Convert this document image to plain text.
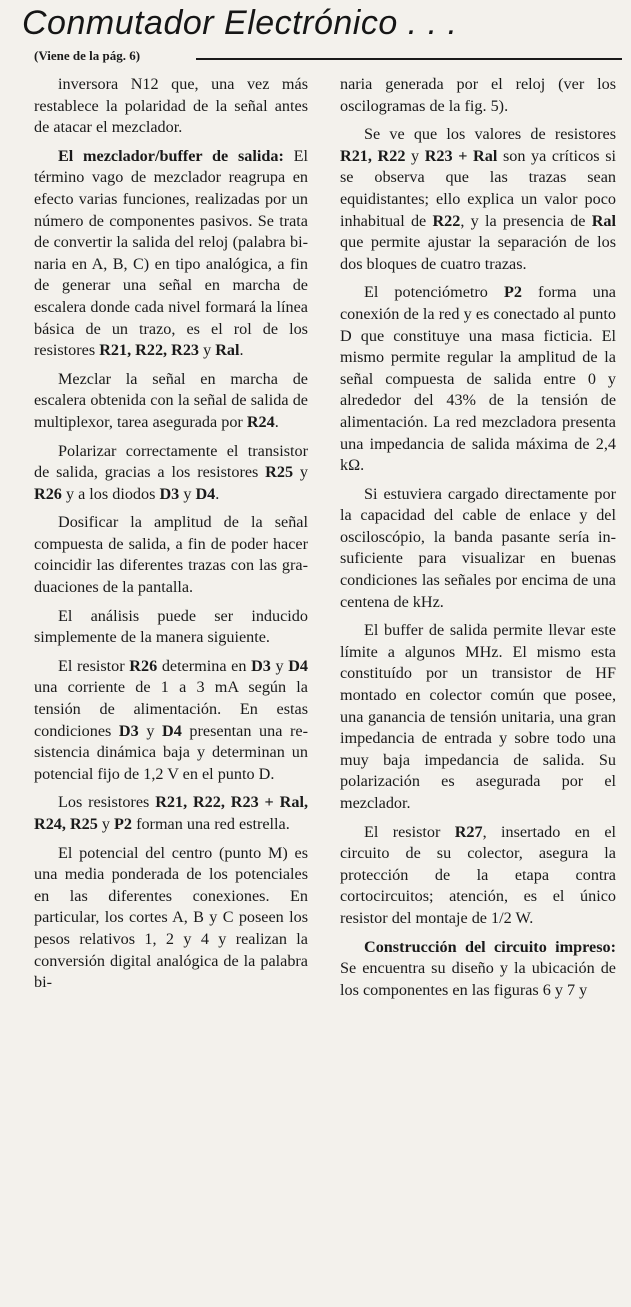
Conmutador Electrónico . . .
(Viene de la pág. 6)

inversora N12 que, una vez más restablece la polaridad de la señal antes de atacar el mezclador.

El mezclador/buffer de salida: El término vago de mezclador reagrupa en efecto varias funciones, realizadas por un número de componentes pasivos. Se trata de convertir la salida del reloj (palabra binaria en A, B, C) en tipo analógica, a fin de generar una señal en marcha de escalera donde cada nivel formará la línea básica de un trazo, es el rol de los resistores R21, R22, R23 y Ral.

Mezclar la señal en marcha de escalera obtenida con la señal de salida de multiplexor, tarea asegurada por R24.

Polarizar correctamente el transistor de salida, gracias a los resistores R25 y R26 y a los diodos D3 y D4.

Dosificar la amplitud de la señal compuesta de salida, a fin de poder hacer coincidir las diferentes trazas con las graduaciones de la pantalla.

El análisis puede ser inducido simplemente de la manera siguiente.

El resistor R26 determina en D3 y D4 una corriente de 1 a 3 mA según la tensión de alimentación. En estas condiciones D3 y D4 presentan una resistencia dinámica baja y determinan un potencial fijo de 1,2 V en el punto D.

Los resistores R21, R22, R23 + Ral, R24, R25 y P2 forman una red estrella.

El potencial del centro (punto M) es una media ponderada de los potenciales en las diferentes conexiones. En particular, los cortes A, B y C poseen los pesos relativos 1, 2 y 4 y realizan la conversión digital analógica de la palabra bi-

naria generada por el reloj (ver los oscilogramas de la fig. 5).

Se ve que los valores de resistores R21, R22 y R23 + Ral son ya críticos si se observa que las trazas sean equidistantes; ello explica un valor poco inhabitual de R22, y la presencia de Ral que permite ajustar la separación de los dos bloques de cuatro trazas.

El potenciómetro P2 forma una conexión de la red y es conectado al punto D que constituye una masa ficticia. El mismo permite regular la amplitud de la señal compuesta de salida entre 0 y alrededor del 43% de la tensión de alimentación. La red mezcladora presenta una impedancia de salida máxima de 2,4 kΩ.

Si estuviera cargado directamente por la capacidad del cable de enlace y del osciloscópio, la banda pasante sería insuficiente para visualizar en buenas condiciones las señales por encima de una centena de kHz.

El buffer de salida permite llevar este límite a algunos MHz. El mismo esta constituído por un transistor de HF montado en colector común que posee, una ganancia de tensión unitaria, una gran impedancia de entrada y sobre todo una muy baja impedancia de salida. Su polarización es asegurada por el mezclador.

El resistor R27, insertado en el circuito de su colector, asegura la protección de la etapa contra cortocircuitos; atención, es el único resistor del montaje de 1/2 W.

Construcción del circuito impreso: Se encuentra su diseño y la ubicación de los componentes en las figuras 6 y 7 y
